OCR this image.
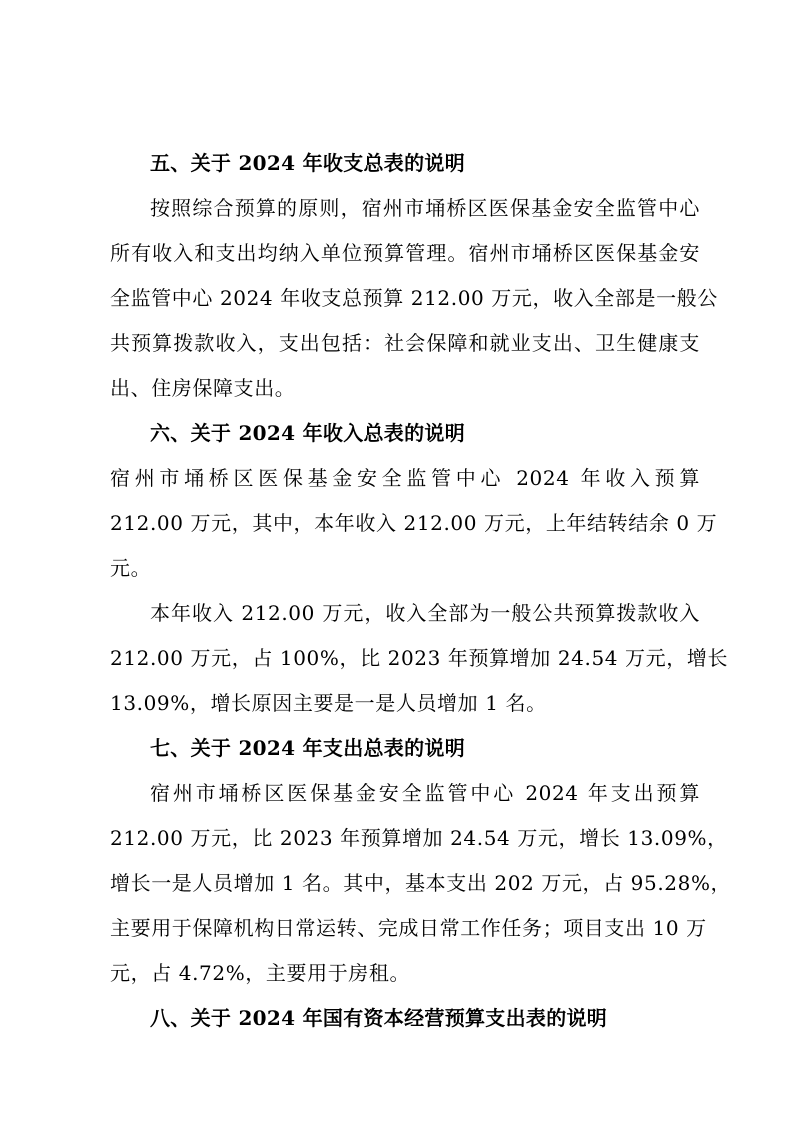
五、关于 2024 年收支总表的说明
按照综合预算的原则，宿州市埇桥区医保基金安全监管中心
所有收入和支出均纳入单位预算管理。宿州市埇桥区医保基金安
全监管中心 2024 年收支总预算 212.00 万元，收入全部是一般公
共预算拨款收入，支出包括：社会保障和就业支出、卫生健康支
出、住房保障支出。
六、关于 2024 年收入总表的说明
宿州市埇桥区医保基金安全监管中心 2024 年收入预算
212.00 万元，其中，本年收入 212.00 万元，上年结转结余 0 万
元。
本年收入 212.00 万元，收入全部为一般公共预算拨款收入
212.00 万元，占 100%，比 2023 年预算增加 24.54 万元，增长
13.09%，增长原因主要是一是人员增加 1 名。
七、关于 2024 年支出总表的说明
宿州市埇桥区医保基金安全监管中心 2024 年支出预算
212.00 万元，比 2023 年预算增加 24.54 万元，增长 13.09%，
增长一是人员增加 1 名。其中，基本支出 202 万元，占 95.28%，
主要用于保障机构日常运转、完成日常工作任务；项目支出 10 万
元，占 4.72%，主要用于房租。
八、关于 2024 年国有资本经营预算支出表的说明
